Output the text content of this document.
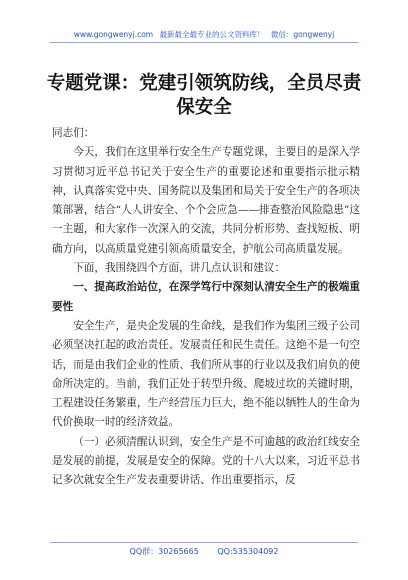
www.gongwenyj.com 最新最全最专业的公文资料库！ 微信：gongwenyj
专题党课：党建引领筑防线，全员尽责保安全

同志们：

今天，我们在这里举行安全生产专题党课，主要目的是深入学习贯彻习近平总书记关于安全生产的重要论述和重要指示批示精神，认真落实党中央、国务院以及集团和局关于安全生产的各项决策部署，结合“人人讲安全、个个会应急——排查整治风险隐患”这一主题，和大家作一次深入的交流，共同分析形势、查找短板、明确方向，以高质量党建引领高质量安全，护航公司高质量发展。

下面，我围绕四个方面，讲几点认识和建议：

一、提高政治站位，在深学笃行中深刻认清安全生产的极端重要性

安全生产，是央企发展的生命线，是我们作为集团三级子公司必须坚决扛起的政治责任、发展责任和民生责任。这绝不是一句空话，而是由我们企业的性质、我们所从事的行业以及我们肩负的使命所决定的。当前，我们正处于转型升级、爬坡过坎的关键时期，工程建设任务繁重，生产经营压力巨大，绝不能以牺牲人的生命为代价换取一时的经济效益。

（一）必须清醒认识到，安全生产是不可逾越的政治红线安全是发展的前提，发展是安全的保障。党的十八大以来，习近平总书记多次就安全生产发表重要讲话、作出重要指示，反

QQ群：30265665 QQ:535304092
